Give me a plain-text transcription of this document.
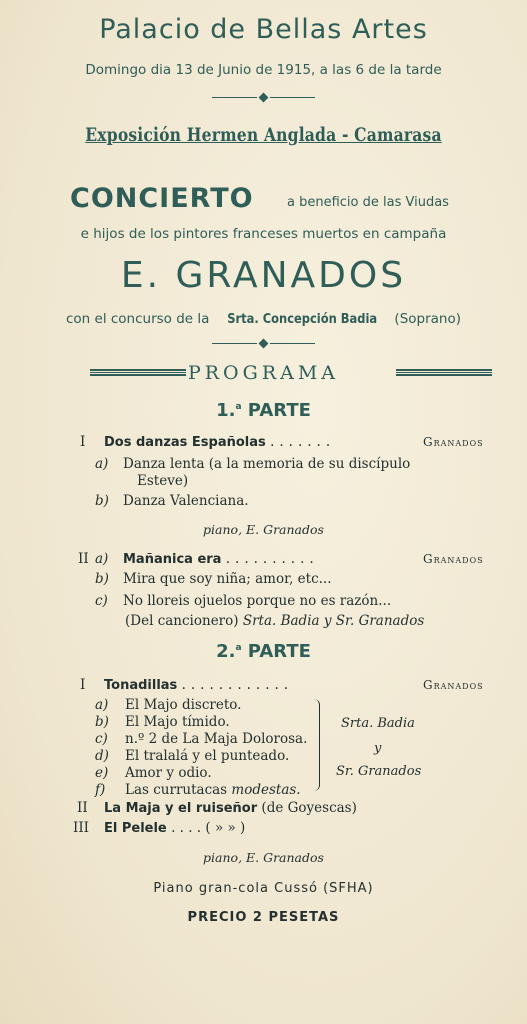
Palacio de Bellas Artes
Domingo dia 13 de Junio de 1915, a las 6 de la tarde
Exposición Hermen Anglada - Camarasa
CONCIERTO	a beneficio de las Viudas
e hijos de los pintores franceses muertos en campaña
E. GRANADOS
con el concurso de la Srta. Concepción Badia (Soprano)
PROGRAMA
1.$^a$ PARTE
I Dos danzas Españolas .......	Granados
a) Danza lenta (a la memoria de su discípulo
Esteve)
b) Danza Valenciana.
piano, E. Granados
II a) Mañanica era ..........	Granados
b) Mira que soy niña; amor, etc...
c) No lloreis ojuelos porque no es razón...
(Del cancionero) Srta. Badia y Sr. Granados
2.$^a$ PARTE
I Tonadillas ............	Granados
a) El Majo discreto.
b) El Majo tímido.
c) n.º 2 de La Maja Dolorosa.
d) El tralalá y el punteado.
e) Amor y odio.
f) Las currutacas modestas.
Srta. Badia
y
Sr. Granados
II La Maja y el ruiseñor (de Goyescas)
III El Pelele . . . . ( » » )
piano, E. Granados
Piano gran-cola Cussó (SFHA)
PRECIO 2 PESETAS
